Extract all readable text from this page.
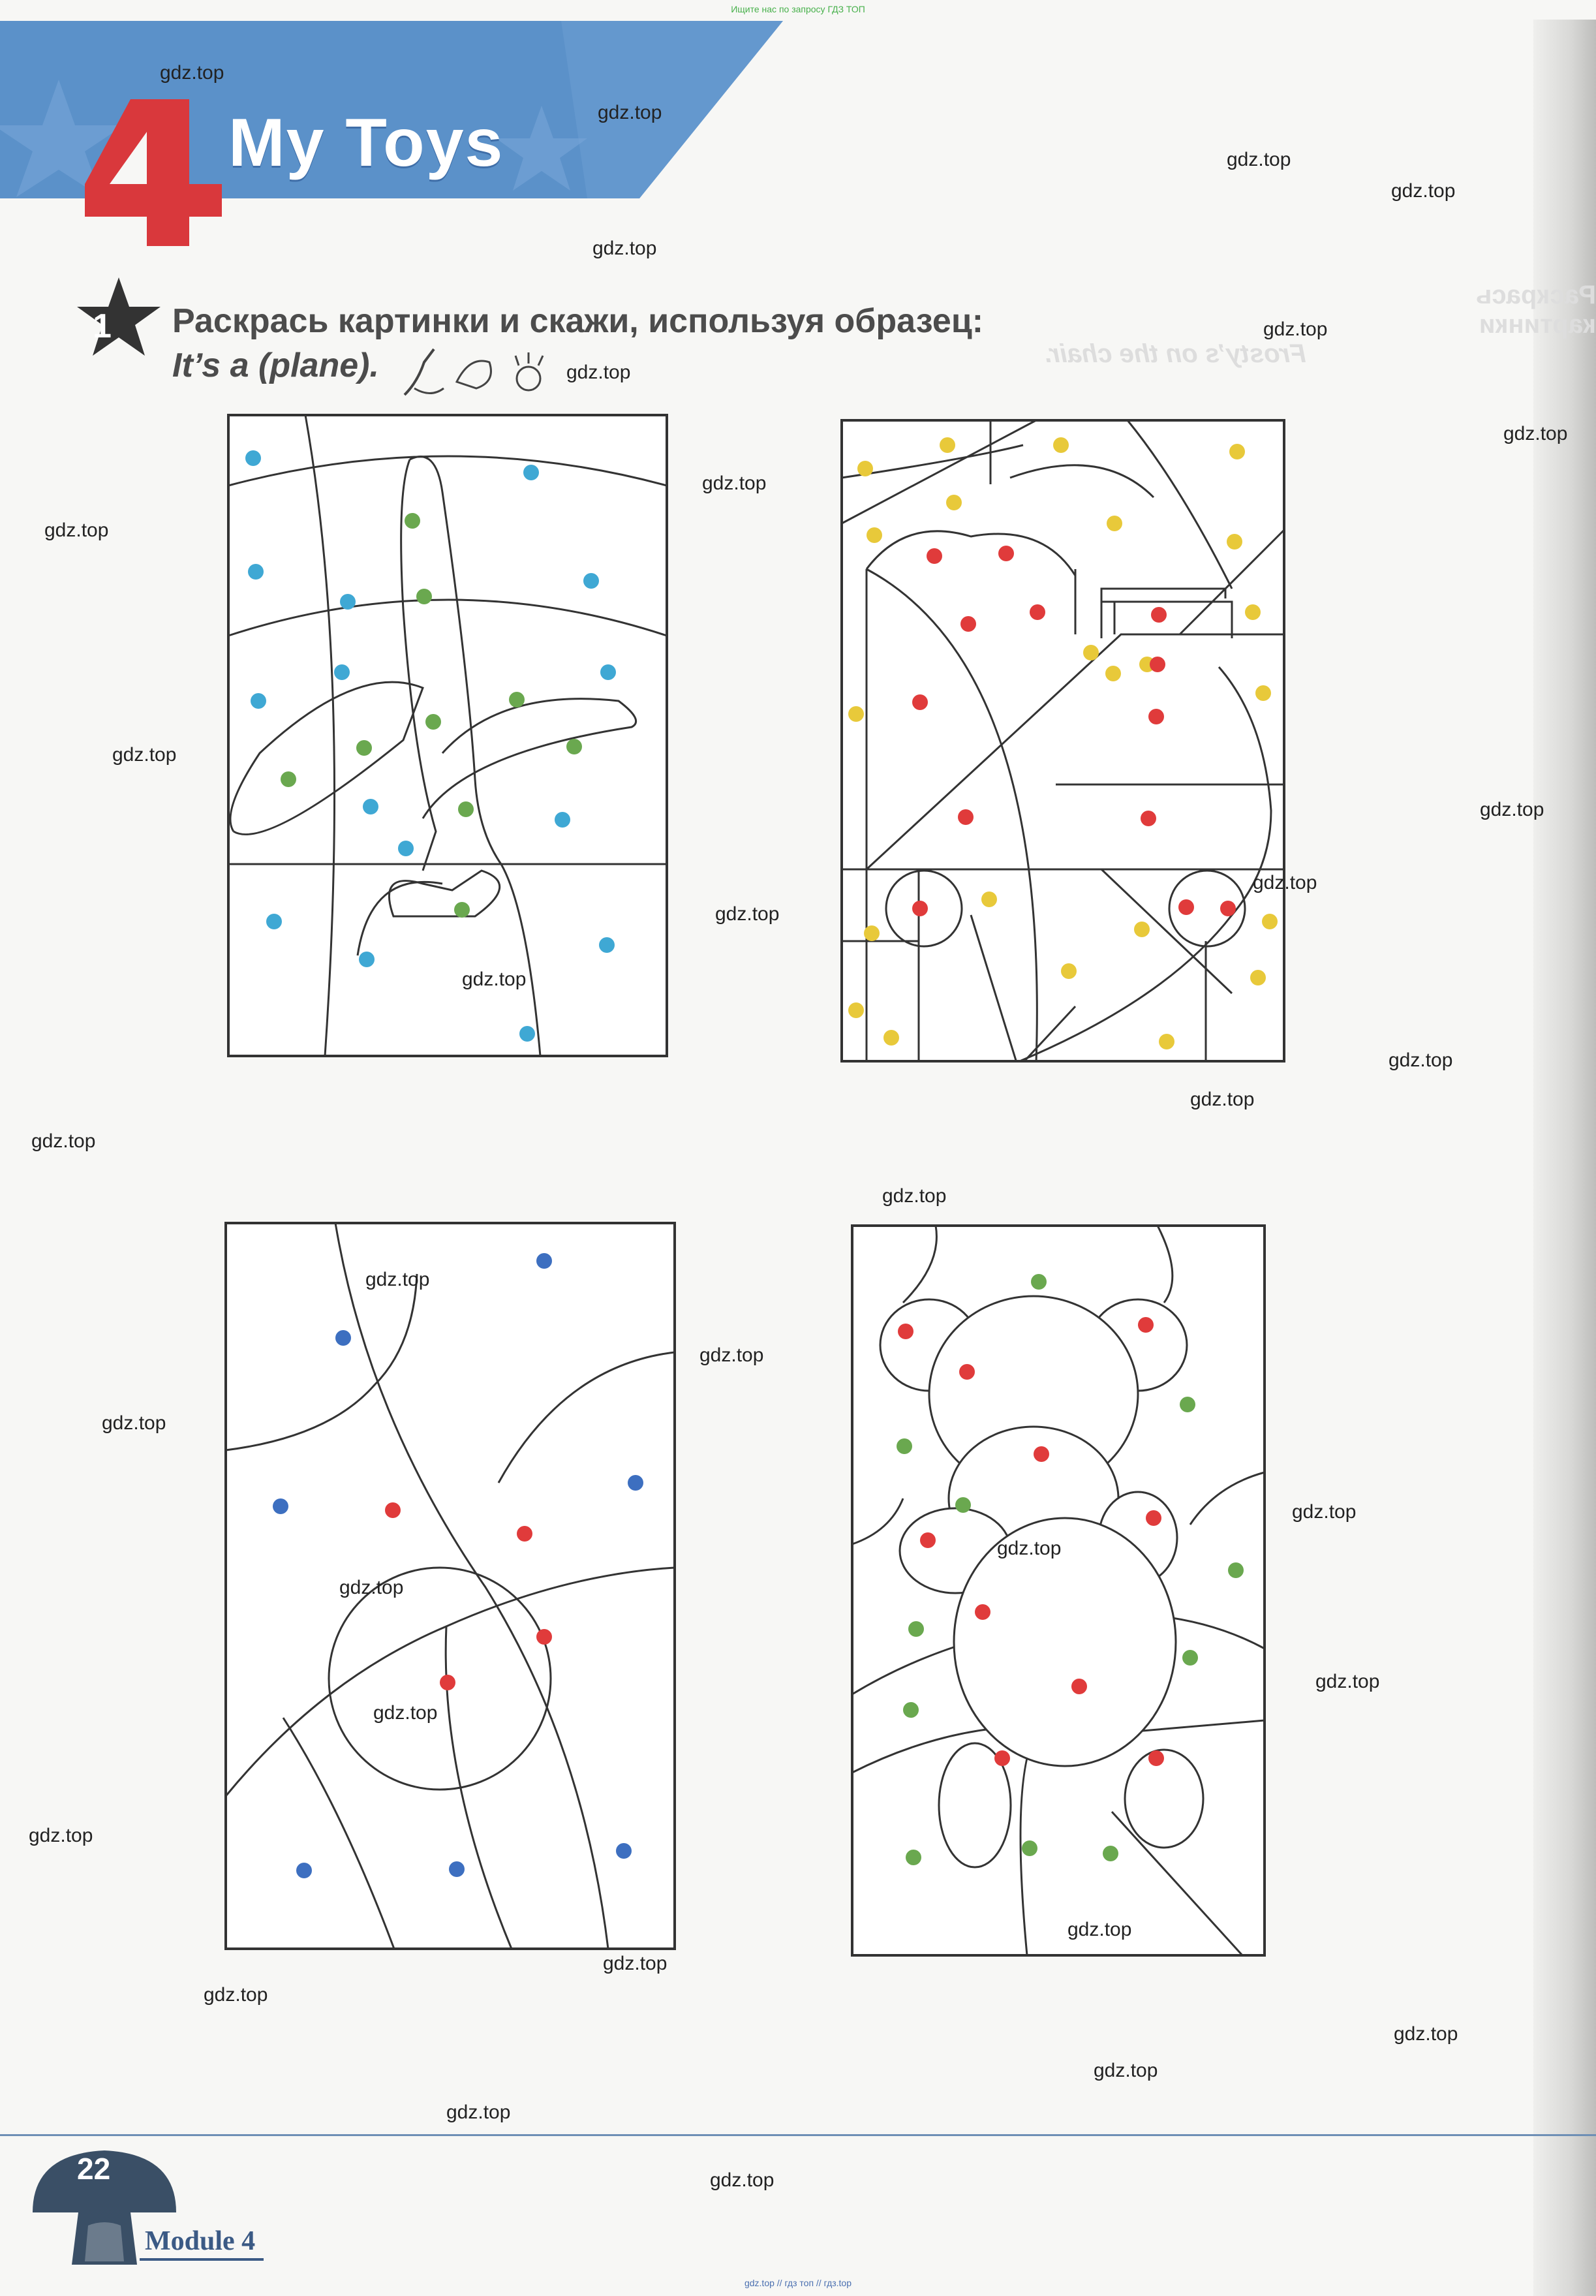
Ищите нас по запросу ГДЗ ТОП
My Toys
1 Раскрась картинки и скажи, используя образец:
It’s a (plane).
Раскрась картинки
Frosty’s on the chair.
gdz.top
gdz.top
gdz.top
gdz.top
gdz.top
gdz.top
gdz.top
gdz.top
gdz.top
gdz.top
gdz.top
gdz.top
gdz.top
gdz.top
gdz.top
gdz.top
gdz.top
gdz.top
gdz.top
gdz.top
gdz.top
gdz.top
gdz.top
gdz.top
gdz.top
gdz.top
gdz.top
gdz.top
gdz.top
gdz.top
gdz.top
gdz.top
gdz.top
gdz.top
gdz.top
22
Module 4
gdz.top // гдз топ // гдз.top
